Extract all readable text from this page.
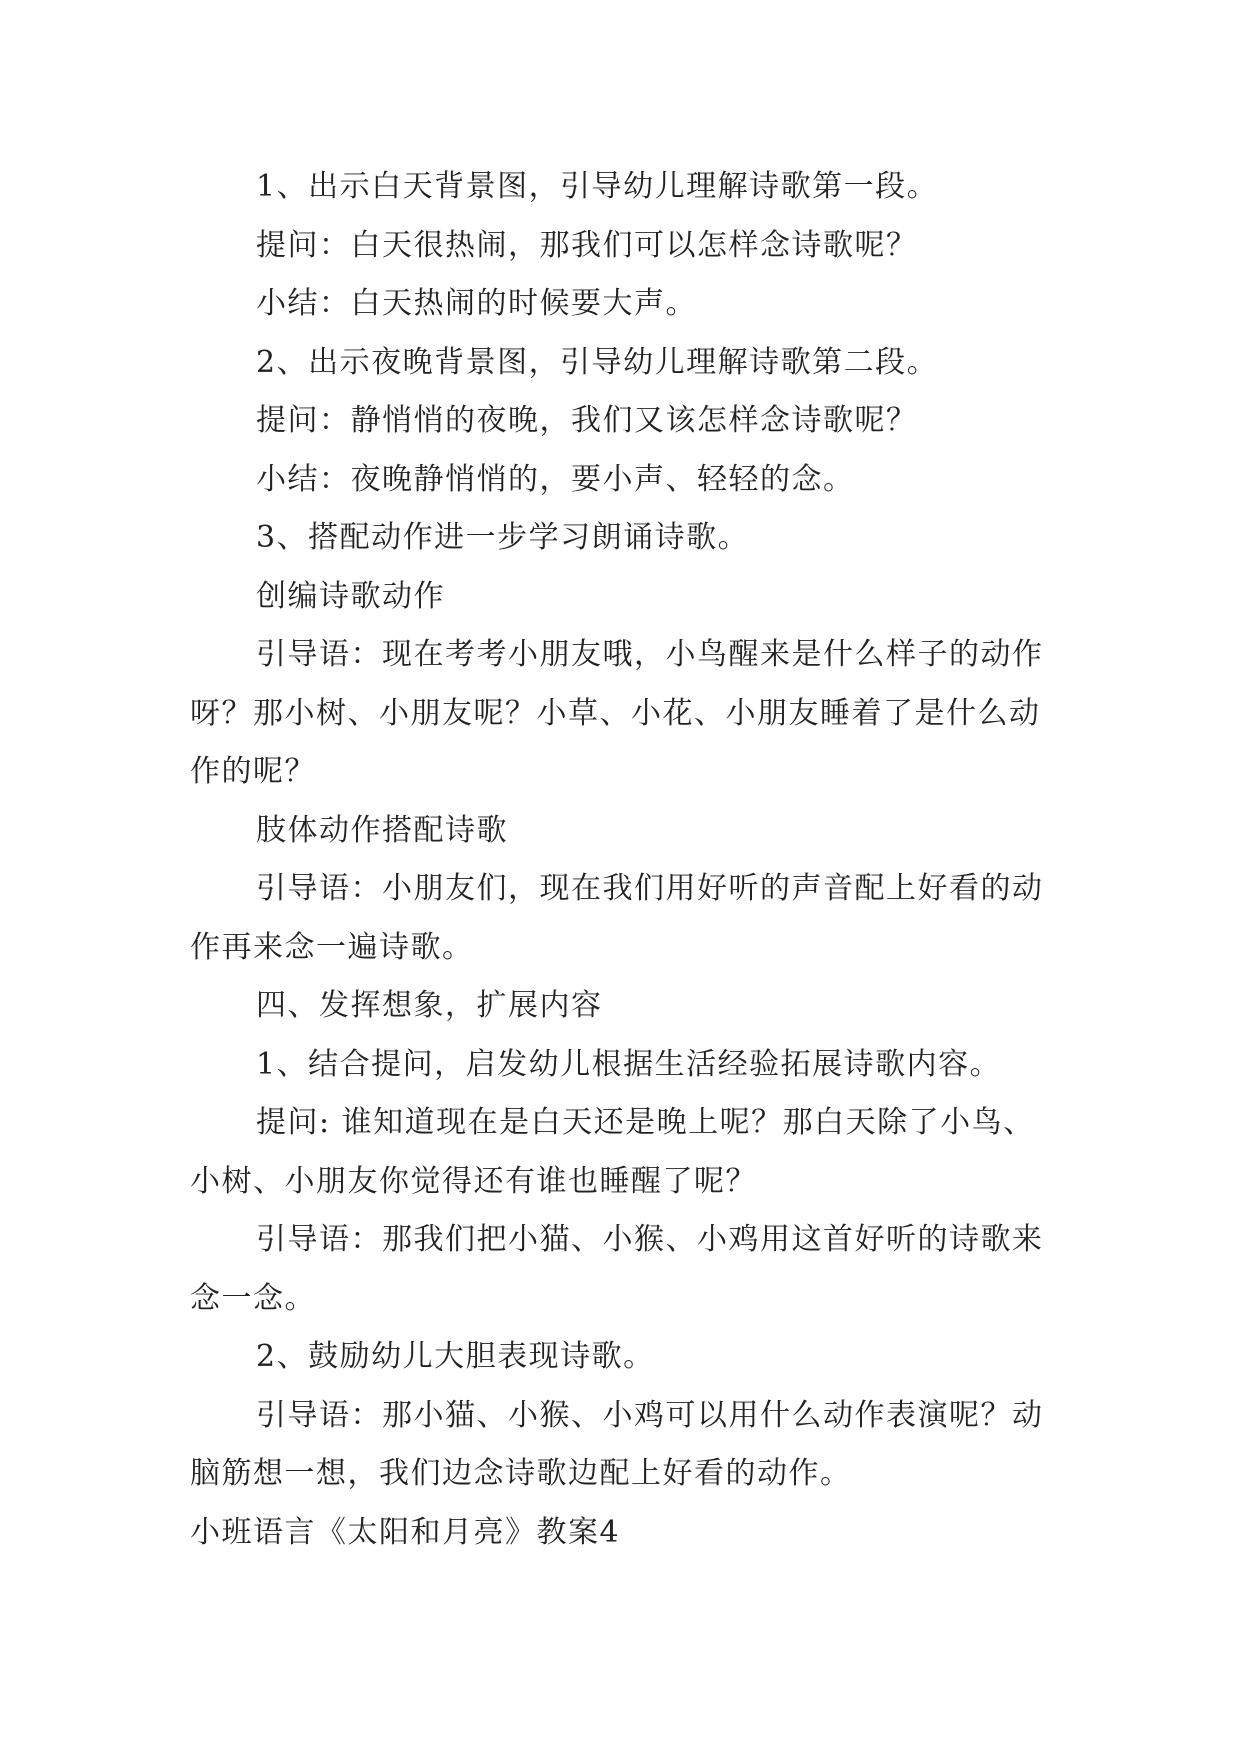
1、出示白天背景图，引导幼儿理解诗歌第一段。

提问：白天很热闹，那我们可以怎样念诗歌呢？

小结：白天热闹的时候要大声。

2、出示夜晚背景图，引导幼儿理解诗歌第二段。

提问：静悄悄的夜晚，我们又该怎样念诗歌呢？

小结：夜晚静悄悄的，要小声、轻轻的念。

3、搭配动作进一步学习朗诵诗歌。

创编诗歌动作

引导语：现在考考小朋友哦，小鸟醒来是什么样子的动作呀？那小树、小朋友呢？小草、小花、小朋友睡着了是什么动作的呢？

肢体动作搭配诗歌

引导语：小朋友们，现在我们用好听的声音配上好看的动作再来念一遍诗歌。

四、发挥想象，扩展内容

1、结合提问，启发幼儿根据生活经验拓展诗歌内容。

提问: 谁知道现在是白天还是晚上呢？那白天除了小鸟、小树、小朋友你觉得还有谁也睡醒了呢？

引导语：那我们把小猫、小猴、小鸡用这首好听的诗歌来念一念。

2、鼓励幼儿大胆表现诗歌。

引导语：那小猫、小猴、小鸡可以用什么动作表演呢？动脑筋想一想，我们边念诗歌边配上好看的动作。

小班语言《太阳和月亮》教案4
